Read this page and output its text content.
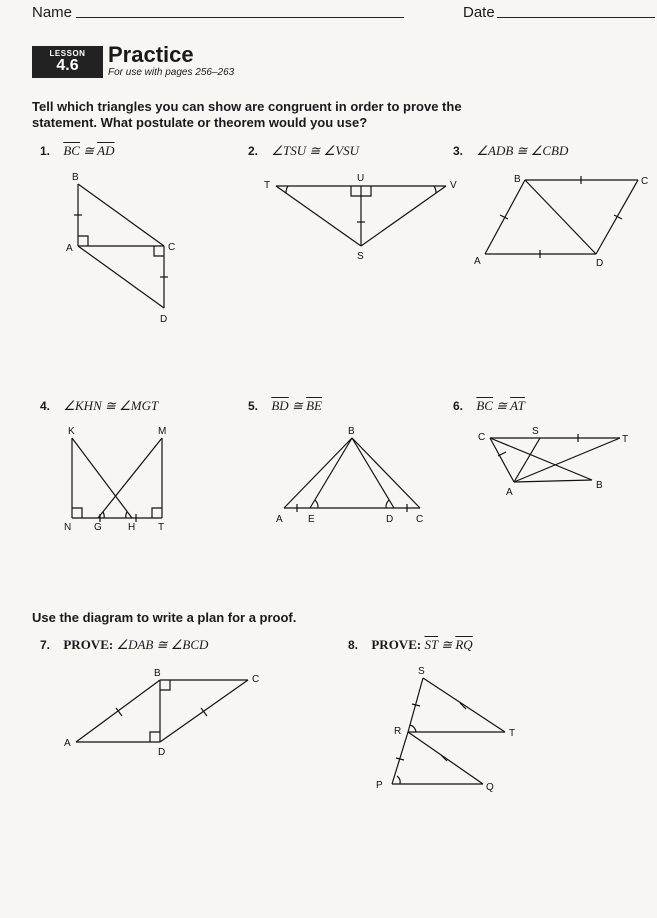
Name	Date
LESSON
4.6	Practice
For use with pages 256–263
Tell which triangles you can show are congruent in order to prove the
statement. What postulate or theorem would you use?
1. $\overline{BC}$ ≅ $\overline{AD}$	2. ∠TSU ≅ ∠VSU	3. ∠ADB ≅ ∠CBD
4. ∠KHN ≅ ∠MGT	5. $\overline{BD}$ ≅ $\overline{BE}$	6. $\overline{BC}$ ≅ $\overline{AT}$
Use the diagram to write a plan for a proof.
7. PROVE: ∠DAB ≅ ∠BCD	8. PROVE: $\overline{ST}$ ≅ $\overline{RQ}$
B
A	C
D
T
U
V
S
B	C
A	D
K	M
N G	H T
B
A	E	D C
C
S
T
A
B
B
C
A
D
S
R	T
P	Q
